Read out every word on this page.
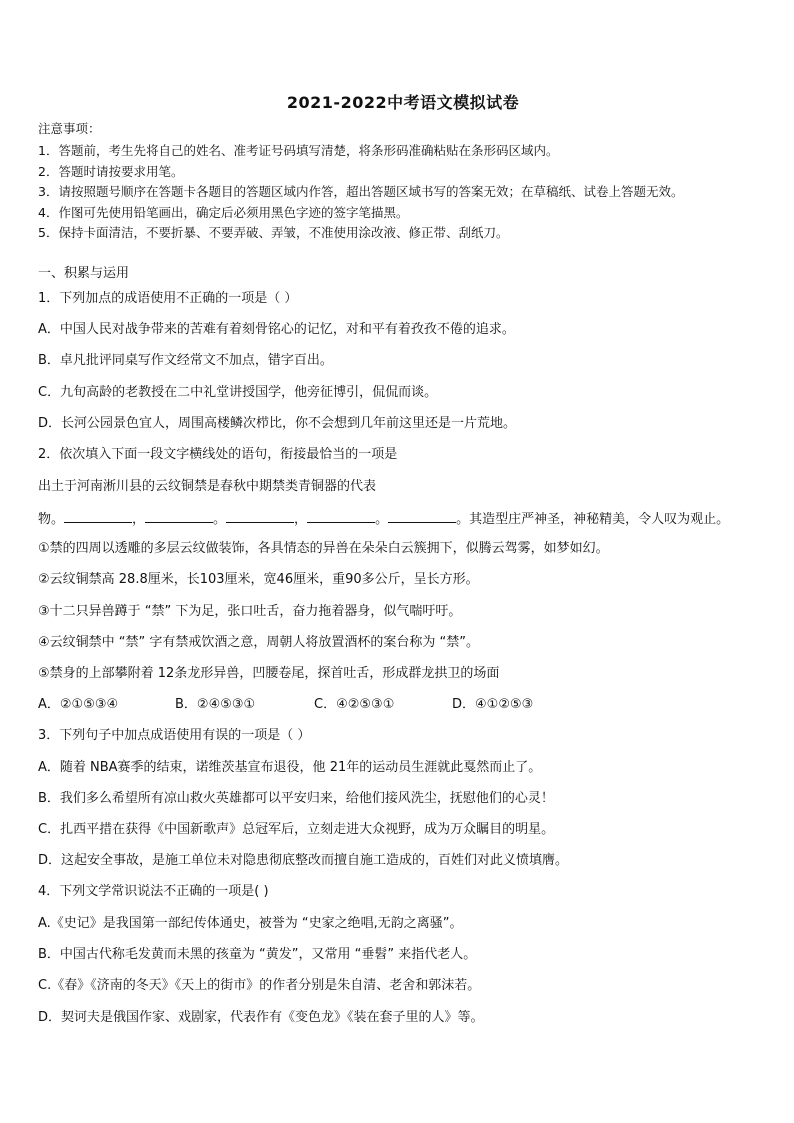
2021-2022中考语文模拟试卷
注意事项：
1．答题前，考生先将自己的姓名、准考证号码填写清楚，将条形码准确粘贴在条形码区域内。
2．答题时请按要求用笔。
3．请按照题号顺序在答题卡各题目的答题区域内作答，超出答题区域书写的答案无效；在草稿纸、试卷上答题无效。
4．作图可先使用铅笔画出，确定后必须用黑色字迹的签字笔描黑。
5．保持卡面清洁，不要折暴、不要弄破、弄皱，不准使用涂改液、修正带、刮纸刀。
一、积累与运用
1．下列加点的成语使用不正确的一项是（ ）
A．中国人民对战争带来的苦难有着刻骨铭心的记忆，对和平有着孜孜不倦的追求。
B．卓凡批评同桌写作文经常文不加点，错字百出。
C．九旬高龄的老教授在二中礼堂讲授国学，他旁征博引，侃侃而谈。
D．长河公园景色宜人，周围高楼鳞次栉比，你不会想到几年前这里还是一片荒地。
2．依次填入下面一段文字横线处的语句，衔接最恰当的一项是
出土于河南淅川县的云纹铜禁是春秋中期禁类青铜器的代表
物。	，	。	，	。	。其造型庄严神圣，神秘精美，令人叹为观止。
①禁的四周以透雕的多层云纹做装饰，各具情态的异兽在朵朵白云簇拥下，似腾云驾雾，如梦如幻。
②云纹铜禁高 28.8厘米，长103厘米，宽46厘米，重90多公斤，呈长方形。
③十二只异兽蹲于 “禁” 下为足，张口吐舌，奋力拖着器身，似气喘吁吁。
④云纹铜禁中 “禁” 字有禁戒饮酒之意，周朝人将放置酒杯的案台称为 “禁”。
⑤禁身的上部攀附着 12条龙形异兽，凹腰卷尾，探首吐舌，形成群龙拱卫的场面
A．②①⑤③④	B．②④⑤③①	C．④②⑤③①	D．④①②⑤③
3．下列句子中加点成语使用有误的一项是（ ）
A．随着 NBA赛季的结束，诺维茨基宣布退役，他 21年的运动员生涯就此戛然而止了。
B．我们多么希望所有凉山救火英雄都可以平安归来，给他们接风洗尘，抚慰他们的心灵！
C．扎西平措在获得《中国新歌声》总冠军后，立刻走进大众视野，成为万众瞩目的明星。
D．这起安全事故，是施工单位未对隐患彻底整改而擅自施工造成的，百姓们对此义愤填膺。
4．下列文学常识说法不正确的一项是( )
A.《史记》是我国第一部纪传体通史，被誉为 “史家之绝唱,无韵之离骚”。
B．中国古代称毛发黄而未黑的孩童为 “黄发”，又常用 “垂髫” 来指代老人。
C.《春》《济南的冬天》《天上的街市》的作者分别是朱自清、老舍和郭沫若。
D．契诃夫是俄国作家、戏剧家，代表作有《变色龙》《装在套子里的人》等。
